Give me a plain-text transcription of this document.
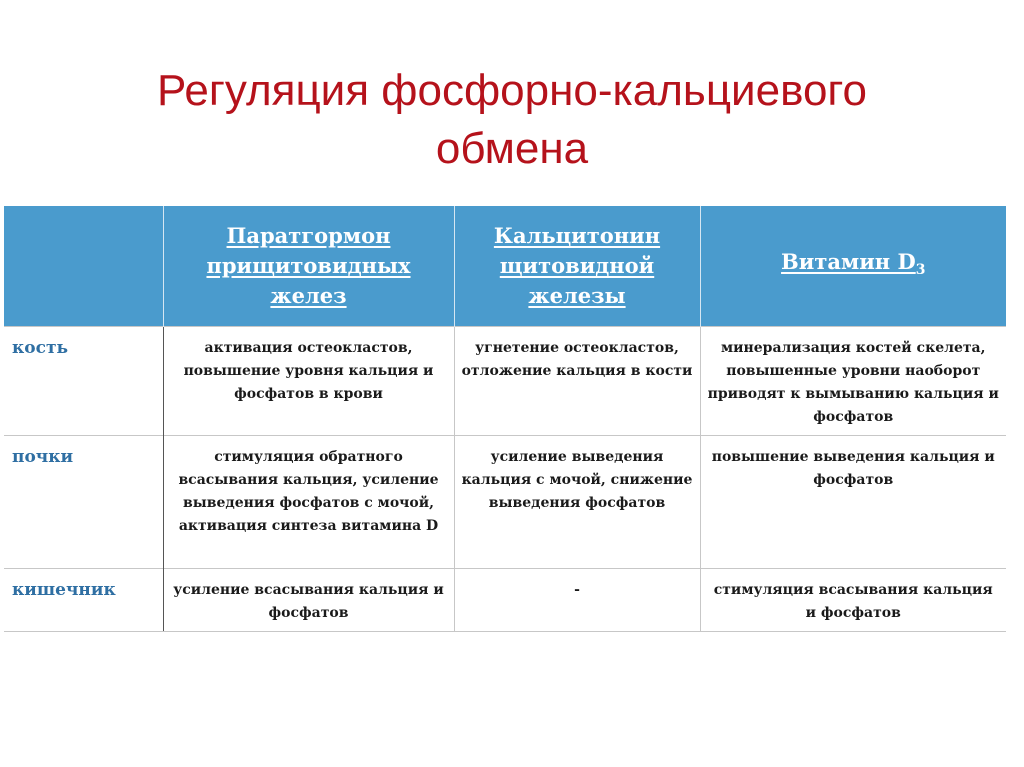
Регуляция фосфорно-кальциевого
обмена
	Паратгормон прищитовидных желез	Кальцитонин щитовидной железы	Витамин $D_3$
кость	активация остеокластов, повышение уровня кальция и фосфатов в крови	угнетение остеокластов, отложение кальция в кости	минерализация костей скелета, повышенные уровни наоборот приводят к вымыванию кальция и фосфатов
почки	стимуляция обратного всасывания кальция, усиление выведения фосфатов с мочой, активация синтеза витамина D	усиление выведения кальция с мочой, снижение выведения фосфатов	повышение выведения кальция и фосфатов
кишечник	усиление всасывания кальция и фосфатов	-	стимуляция всасывания кальция и фосфатов
